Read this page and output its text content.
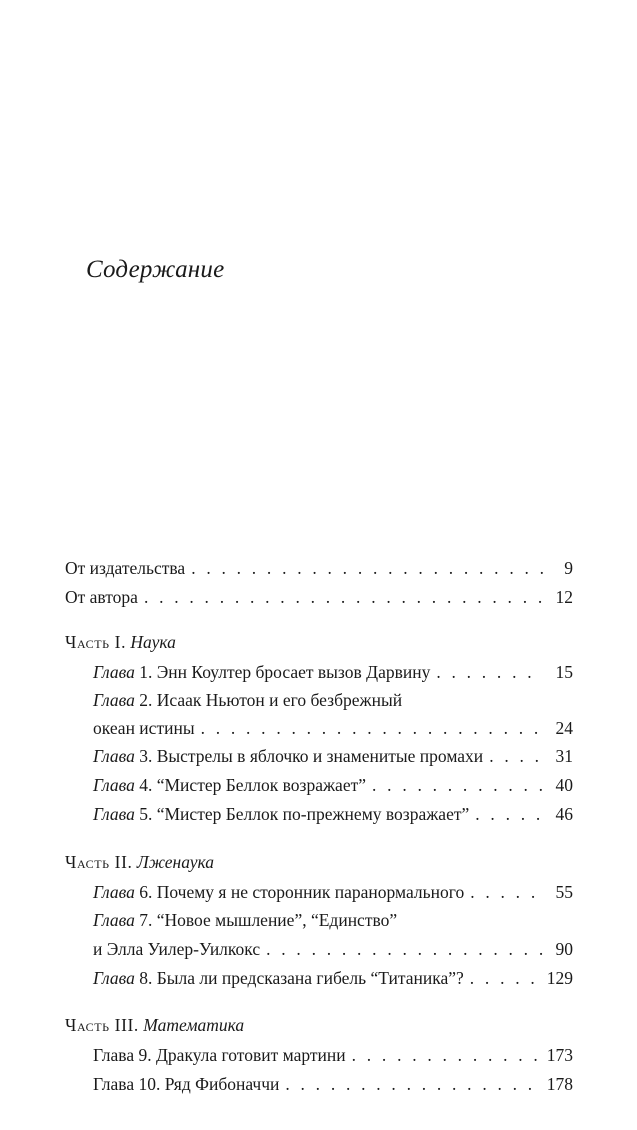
Содержание
От издательства . . .	9
От автора . . .	12
Часть I. Наука
Глава 1. Энн Коултер бросает вызов Дарвину . . .	15
Глава 2. Исаак Ньютон и его безбрежный
океан истины . . .	24
Глава 3. Выстрелы в яблочко и знаменитые промахи . . .	31
Глава 4. “Мистер Беллок возражает” . . .	40
Глава 5. “Мистер Беллок по-прежнему возражает” . . .	46
Часть II. Лженаука
Глава 6. Почему я не сторонник паранормального . . .	55
Глава 7. “Новое мышление”, “Единство”
и Элла Уилер-Уилкокс . . .	90
Глава 8. Была ли предсказана гибель “Титаника”? . . .	129
Часть III. Математика
Глава 9. Дракула готовит мартини . . .	173
Глава 10. Ряд Фибоначчи . . .	178
